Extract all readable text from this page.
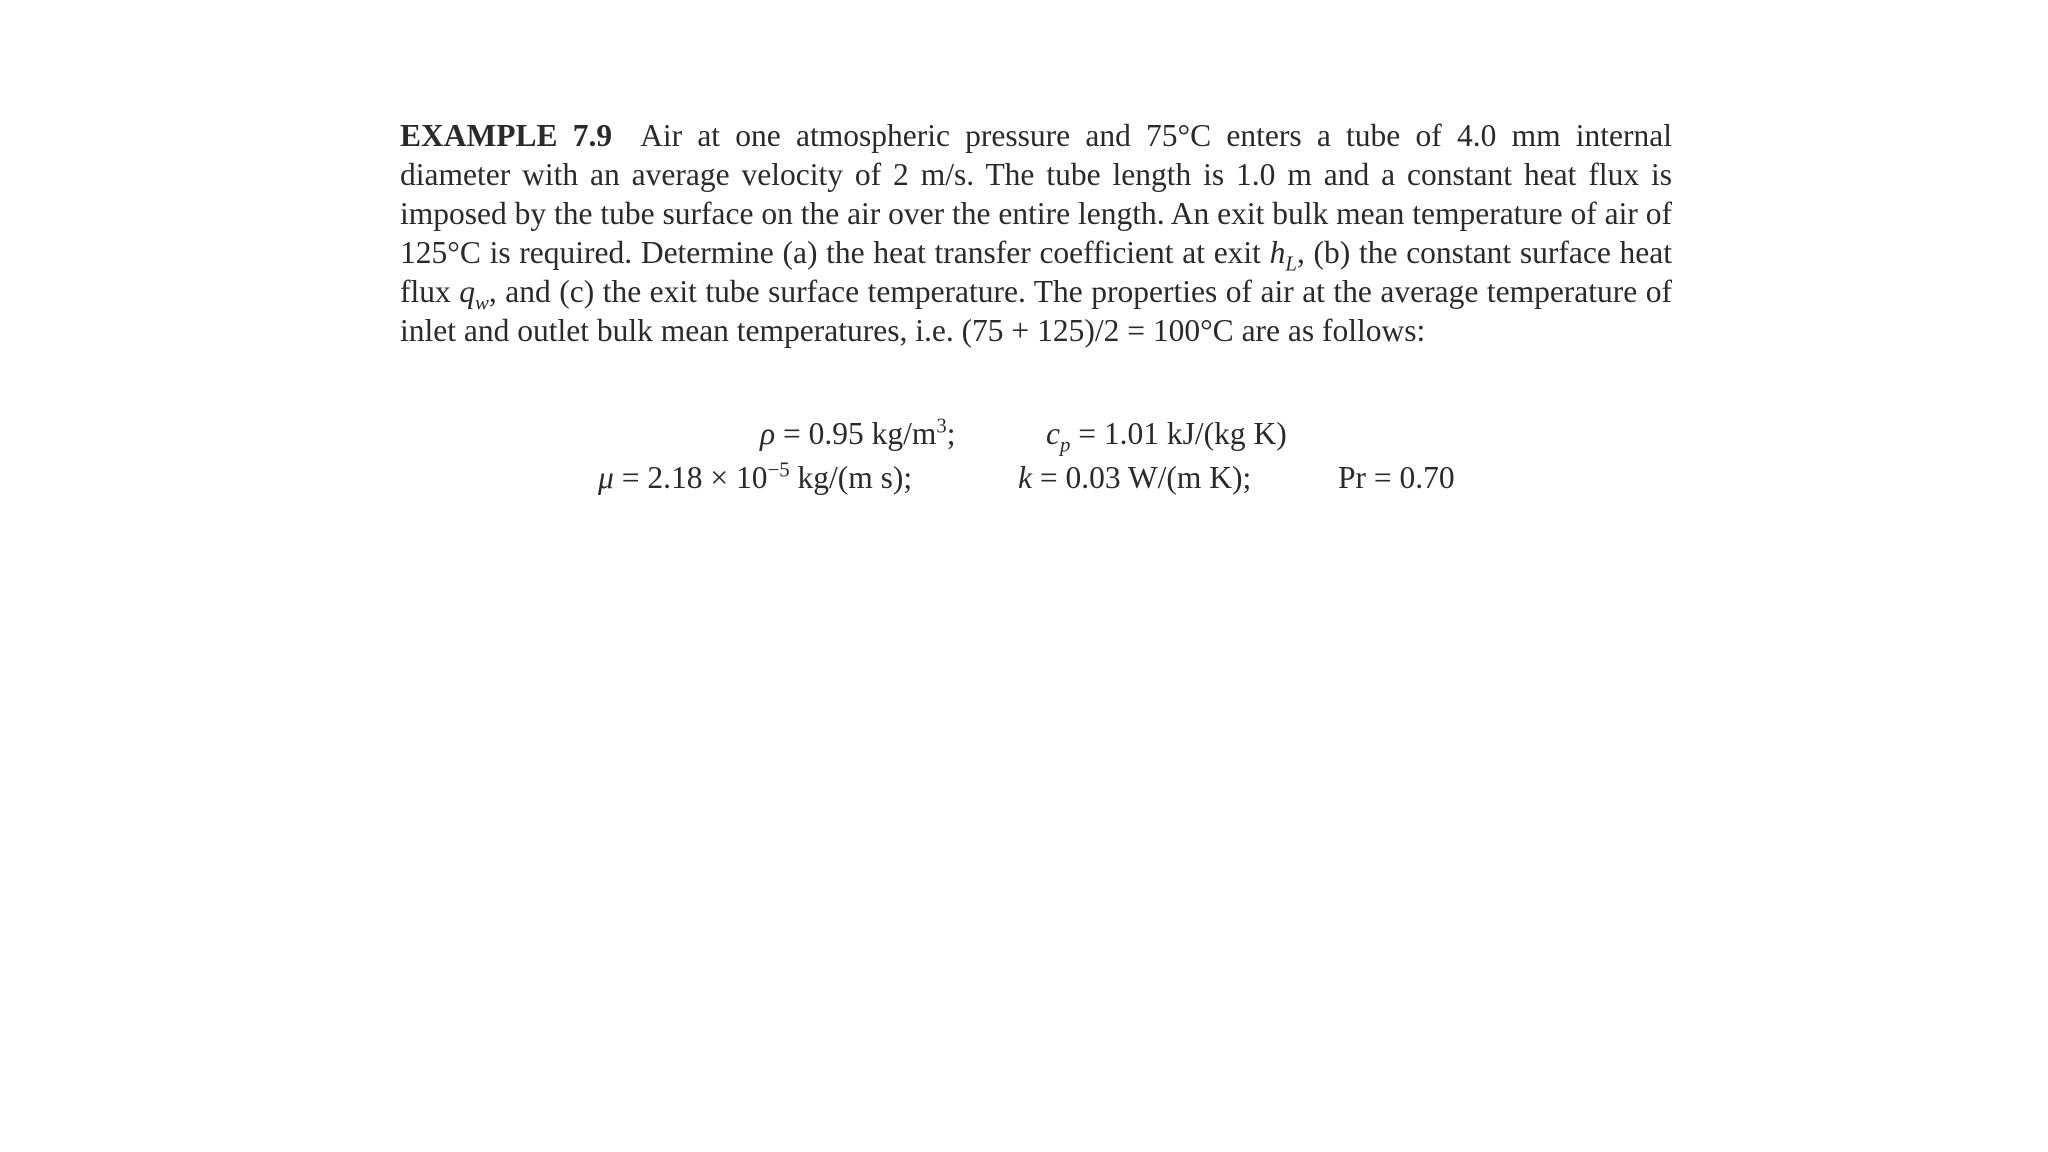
EXAMPLE 7.9 Air at one atmospheric pressure and 75°C enters a tube of 4.0 mm internal diameter with an average velocity of 2 m/s. The tube length is 1.0 m and a constant heat flux is imposed by the tube surface on the air over the entire length. An exit bulk mean temperature of air of 125°C is required. Determine (a) the heat transfer coefficient at exit $h_L$, (b) the constant surface heat flux $q_w$, and (c) the exit tube surface temperature. The properties of air at the average temperature of inlet and outlet bulk mean temperatures, i.e. (75 + 125)/2 = 100°C are as follows:
ρ = 0.95 $kg/m^3$;	$c_p = 1.01$ kJ/(kg K)
$\mu = 2.18 \times 10^{-5}$ kg/(m s);	k = 0.03 W/(m K);	Pr = 0.70
